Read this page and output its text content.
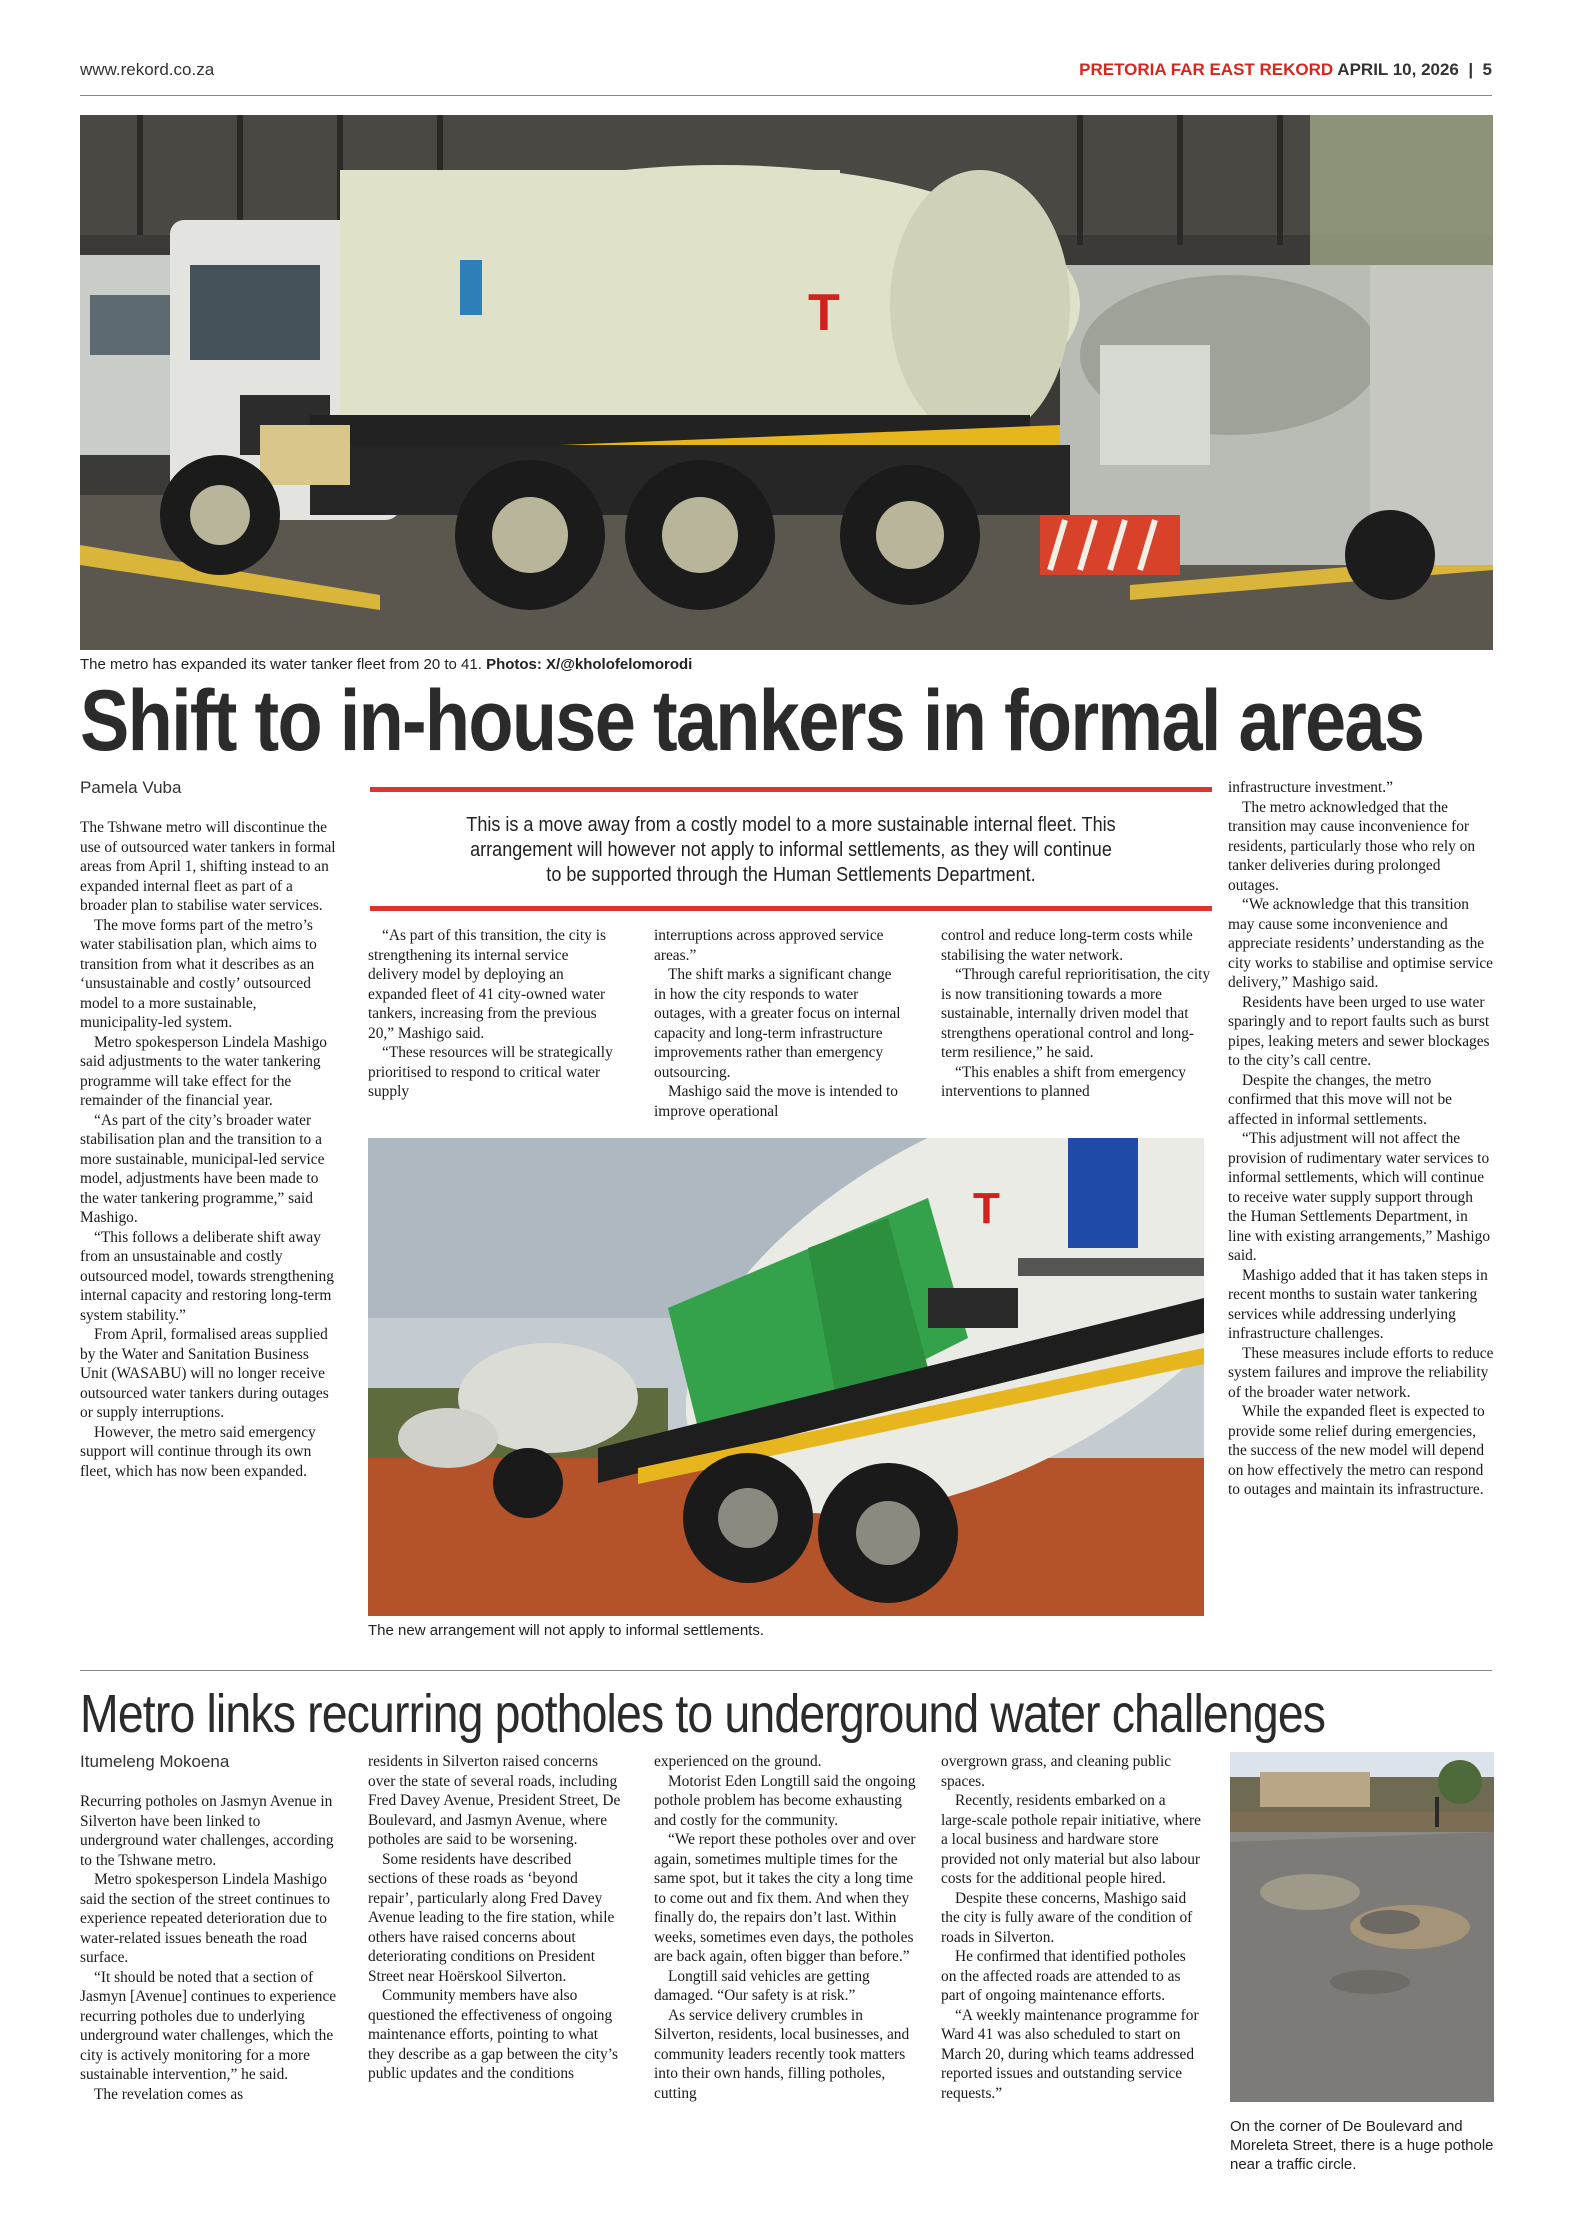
www.rekord.co.za	PRETORIA FAR EAST REKORD APRIL 10, 2026  |  5
T
The metro has expanded its water tanker fleet from 20 to 41. Photos: X/@kholofelomorodi
Shift to in-house tankers in formal areas
Pamela Vuba

The Tshwane metro will discontinue the use of outsourced water tankers in formal areas from April 1, shifting instead to an expanded internal fleet as part of a broader plan to stabilise water services.

The move forms part of the metro’s water stabilisation plan, which aims to transition from what it describes as an ‘unsustainable and costly’ outsourced model to a more sustainable, municipality-led system.

Metro spokesperson Lindela Mashigo said adjustments to the water tankering programme will take effect for the remainder of the financial year.

“As part of the city’s broader water stabilisation plan and the transition to a more sustainable, municipal-led service model, adjustments have been made to the water tankering programme,” said Mashigo.

“This follows a deliberate shift away from an unsustainable and costly outsourced model, towards strengthening internal capacity and restoring long-term system stability.”

From April, formalised areas supplied by the Water and Sanitation Business Unit (WASABU) will no longer receive outsourced water tankers during outages or supply interruptions.

However, the metro said emergency support will continue through its own fleet, which has now been expanded.

This is a move away from a costly model to a more sustainable internal fleet. This arrangement will however not apply to informal settlements, as they will continue to be supported through the Human Settlements Department.

“As part of this transition, the city is strengthening its internal service delivery model by deploying an expanded fleet of 41 city-owned water tankers, increasing from the previous 20,” Mashigo said.

“These resources will be strategically prioritised to respond to critical water supply

interruptions across approved service areas.”

The shift marks a significant change in how the city responds to water outages, with a greater focus on internal capacity and long-term infrastructure improvements rather than emergency outsourcing.

Mashigo said the move is intended to improve operational

control and reduce long-term costs while stabilising the water network.

“Through careful reprioritisation, the city is now transitioning towards a more sustainable, internally driven model that strengthens operational control and long-term resilience,” he said.

“This enables a shift from emergency interventions to planned

infrastructure investment.”

The metro acknowledged that the transition may cause inconvenience for residents, particularly those who rely on tanker deliveries during prolonged outages.

“We acknowledge that this transition may cause some inconvenience and appreciate residents’ understanding as the city works to stabilise and optimise service delivery,” Mashigo said.

Residents have been urged to use water sparingly and to report faults such as burst pipes, leaking meters and sewer blockages to the city’s call centre.

Despite the changes, the metro confirmed that this move will not be affected in informal settlements.

“This adjustment will not affect the provision of rudimentary water services to informal settlements, which will continue to receive water supply support through the Human Settlements Department, in line with existing arrangements,” Mashigo said.

Mashigo added that it has taken steps in recent months to sustain water tankering services while addressing underlying infrastructure challenges.

These measures include efforts to reduce system failures and improve the reliability of the broader water network.

While the expanded fleet is expected to provide some relief during emergencies, the success of the new model will depend on how effectively the metro can respond to outages and maintain its infrastructure.

T
The new arrangement will not apply to informal settlements.
Metro links recurring potholes to underground water challenges
Itumeleng Mokoena

Recurring potholes on Jasmyn Avenue in Silverton have been linked to underground water challenges, according to the Tshwane metro.

Metro spokesperson Lindela Mashigo said the section of the street continues to experience repeated deterioration due to water-related issues beneath the road surface.

“It should be noted that a section of Jasmyn [Avenue] continues to experience recurring potholes due to underlying underground water challenges, which the city is actively monitoring for a more sustainable intervention,” he said.

The revelation comes as

residents in Silverton raised concerns over the state of several roads, including Fred Davey Avenue, President Street, De Boulevard, and Jasmyn Avenue, where potholes are said to be worsening.

Some residents have described sections of these roads as ‘beyond repair’, particularly along Fred Davey Avenue leading to the fire station, while others have raised concerns about deteriorating conditions on President Street near Hoërskool Silverton.

Community members have also questioned the effectiveness of ongoing maintenance efforts, pointing to what they describe as a gap between the city’s public updates and the conditions

experienced on the ground.

Motorist Eden Longtill said the ongoing pothole problem has become exhausting and costly for the community.

“We report these potholes over and over again, sometimes multiple times for the same spot, but it takes the city a long time to come out and fix them. And when they finally do, the repairs don’t last. Within weeks, sometimes even days, the potholes are back again, often bigger than before.”

Longtill said vehicles are getting damaged. “Our safety is at risk.”

As service delivery crumbles in Silverton, residents, local businesses, and community leaders recently took matters into their own hands, filling potholes, cutting

overgrown grass, and cleaning public spaces.

Recently, residents embarked on a large-scale pothole repair initiative, where a local business and hardware store provided not only material but also labour costs for the additional people hired.

Despite these concerns, Mashigo said the city is fully aware of the condition of roads in Silverton.

He confirmed that identified potholes on the affected roads are attended to as part of ongoing maintenance efforts.

“A weekly maintenance programme for Ward 41 was also scheduled to start on March 20, during which teams addressed reported issues and outstanding service requests.”

On the corner of De Boulevard and Moreleta Street, there is a huge pothole near a traffic circle.
